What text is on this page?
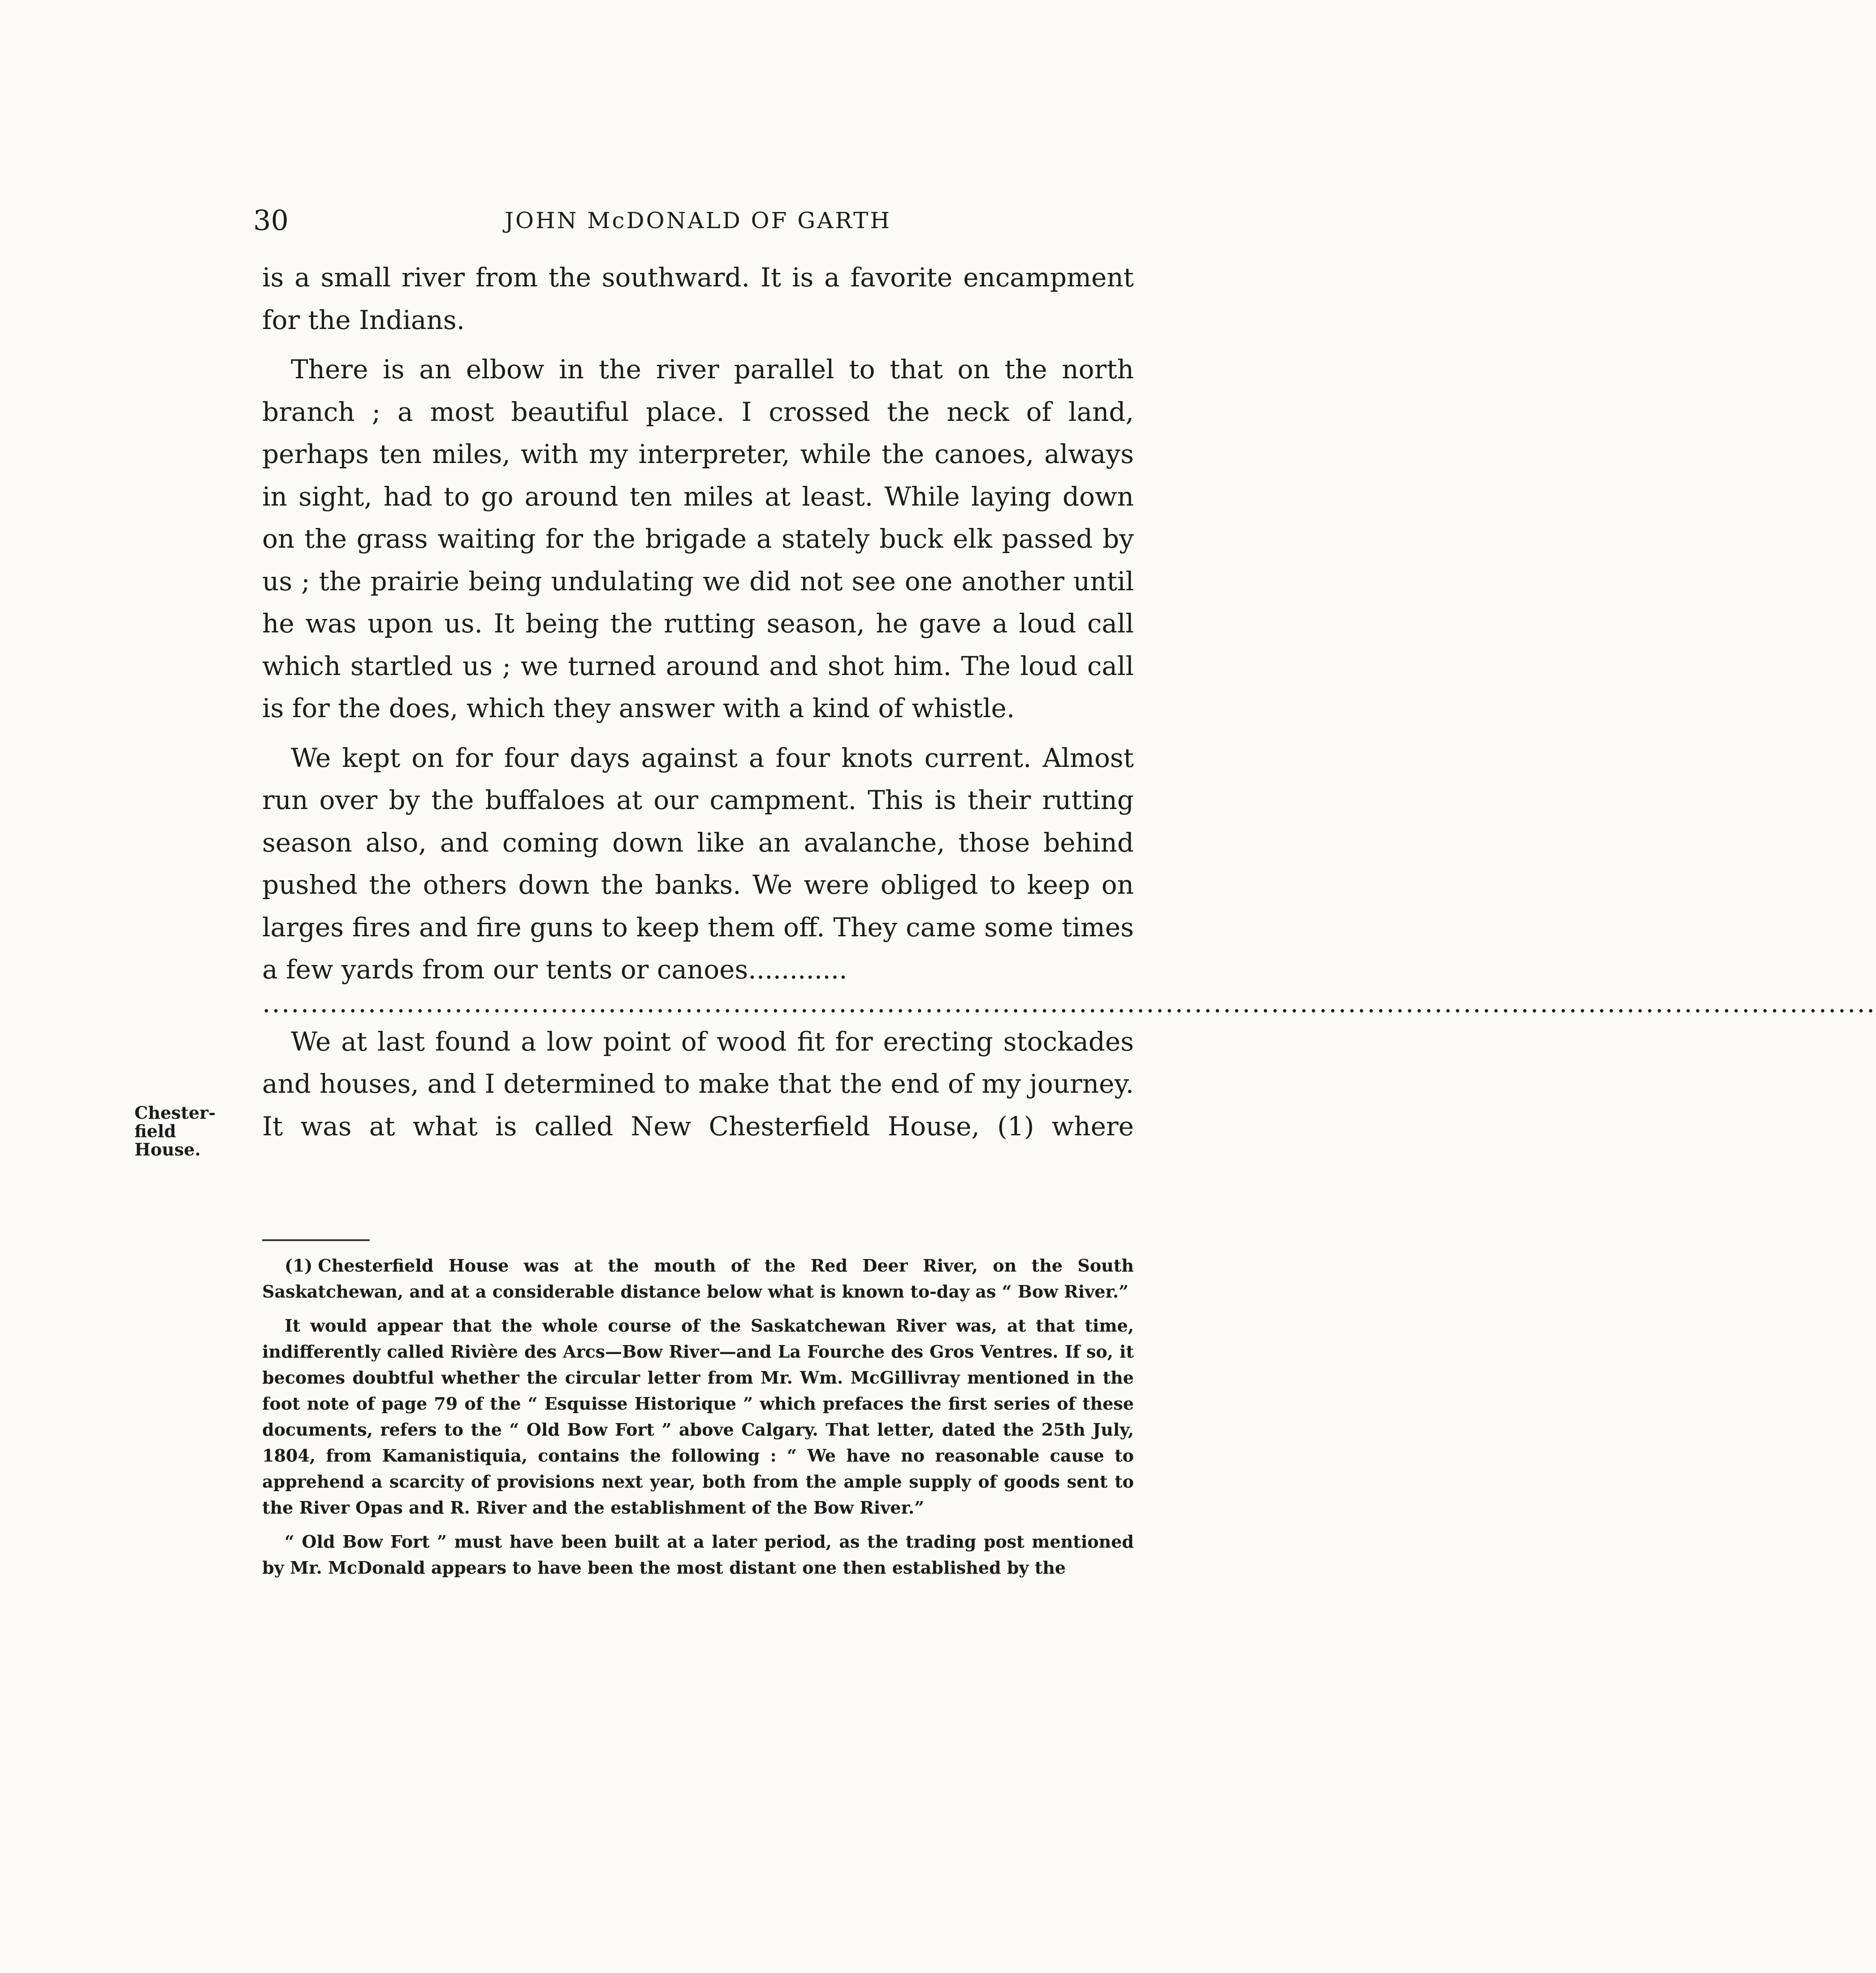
30	JOHN McDONALD OF GARTH

is a small river from the southward. It is a favorite encampment for the Indians.

There is an elbow in the river parallel to that on the north branch ; a most beautiful place. I crossed the neck of land, perhaps ten miles, with my interpreter, while the canoes, always in sight, had to go around ten miles at least. While laying down on the grass waiting for the brigade a stately buck elk passed by us ; the prairie being undulating we did not see one another until he was upon us. It being the rutting season, he gave a loud call which startled us ; we turned around and shot him. The loud call is for the does, which they answer with a kind of whistle.

We kept on for four days against a four knots current. Almost run over by the buffaloes at our campment. This is their rutting season also, and coming down like an avalanche, those behind pushed the others down the banks. We were obliged to keep on larges fires and fire guns to keep them off. They came some times a few yards from our tents or canoes............

........................................................................................................................................................................

We at last found a low point of wood fit for erecting stockades and houses, and I determined to make that the end of my journey. It was at what is called New Chesterfield House, (1) where

Chester-
field
House.

(1) Chesterfield House was at the mouth of the Red Deer River, on the South Saskatchewan, and at a considerable distance below what is known to-day as “ Bow River.”

It would appear that the whole course of the Saskatchewan River was, at that time, indifferently called Rivière des Arcs—Bow River—and La Fourche des Gros Ventres. If so, it becomes doubtful whether the circular letter from Mr. Wm. McGillivray mentioned in the foot note of page 79 of the “ Esquisse Historique ” which prefaces the first series of these documents, refers to the “ Old Bow Fort ” above Calgary. That letter, dated the 25th July, 1804, from Kamanistiquia, contains the following : “ We have no reasonable cause to apprehend a scarcity of provisions next year, both from the ample supply of goods sent to the River Opas and R. River and the establishment of the Bow River.”

“ Old Bow Fort ” must have been built at a later period, as the trading post mentioned by Mr. McDonald appears to have been the most distant one then established by the
